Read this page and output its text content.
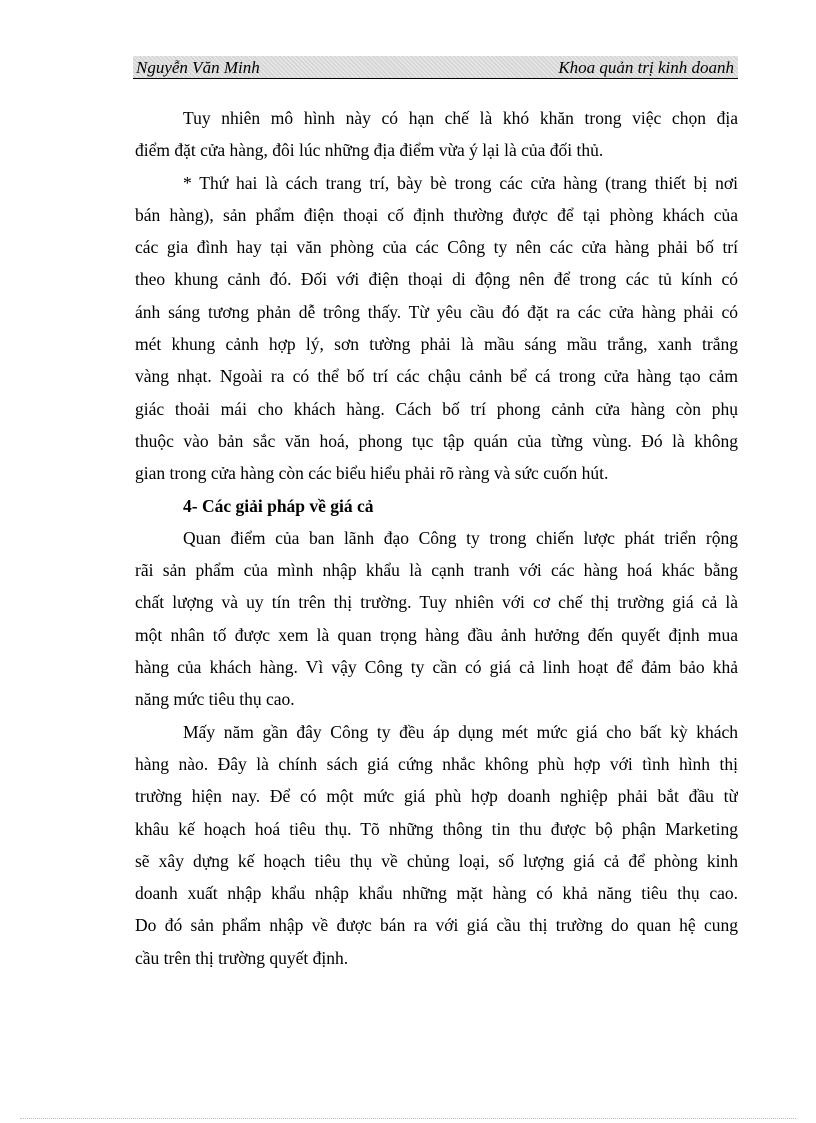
Nguyễn Văn Minh	Khoa quản trị kinh doanh
Tuy nhiên mô hình này có hạn chế là khó khăn trong việc chọn địa
điểm đặt cửa hàng, đôi lúc những địa điểm vừa ý lại là của đối thủ.
* Thứ hai là cách trang trí, bày bè trong các cửa hàng (trang thiết bị nơi
bán hàng), sản phẩm điện thoại cố định thường được để tại phòng khách của
các gia đình hay tại văn phòng của các Công ty nên các cửa hàng phải bố trí
theo khung cảnh đó. Đối với điện thoại di động nên để trong các tủ kính có
ánh sáng tương phản dễ trông thấy. Từ yêu cầu đó đặt ra các cửa hàng phải có
mét khung cảnh hợp lý, sơn tường phải là mầu sáng mầu trắng, xanh trắng
vàng nhạt. Ngoài ra có thể bố trí các chậu cảnh bể cá trong cửa hàng tạo cảm
giác thoải mái cho khách hàng. Cách bố trí phong cảnh cửa hàng còn phụ
thuộc vào bản sắc văn hoá, phong tục tập quán của từng vùng. Đó là không
gian trong cửa hàng còn các biểu hiểu phải rõ ràng và sức cuốn hút.
4- Các giải pháp về giá cả
Quan điểm của ban lãnh đạo Công ty trong chiến lược phát triển rộng
rãi sản phẩm của mình nhập khẩu là cạnh tranh với các hàng hoá khác bằng
chất lượng và uy tín trên thị trường. Tuy nhiên với cơ chế thị trường giá cả là
một nhân tố được xem là quan trọng hàng đầu ảnh hưởng đến quyết định mua
hàng của khách hàng. Vì vậy Công ty cần có giá cả linh hoạt để đảm bảo khả
năng mức tiêu thụ cao.
Mấy năm gần đây Công ty đều áp dụng mét mức giá cho bất kỳ khách
hàng nào. Đây là chính sách giá cứng nhắc không phù hợp với tình hình thị
trường hiện nay. Để có một mức giá phù hợp doanh nghiệp phải bắt đầu từ
khâu kế hoạch hoá tiêu thụ. Tõ những thông tin thu được bộ phận Marketing
sẽ xây dựng kế hoạch tiêu thụ về chủng loại, số lượng giá cả để phòng kinh
doanh xuất nhập khẩu nhập khẩu những mặt hàng có khả năng tiêu thụ cao.
Do đó sản phẩm nhập về được bán ra với giá cầu thị trường do quan hệ cung
cầu trên thị trường quyết định.
